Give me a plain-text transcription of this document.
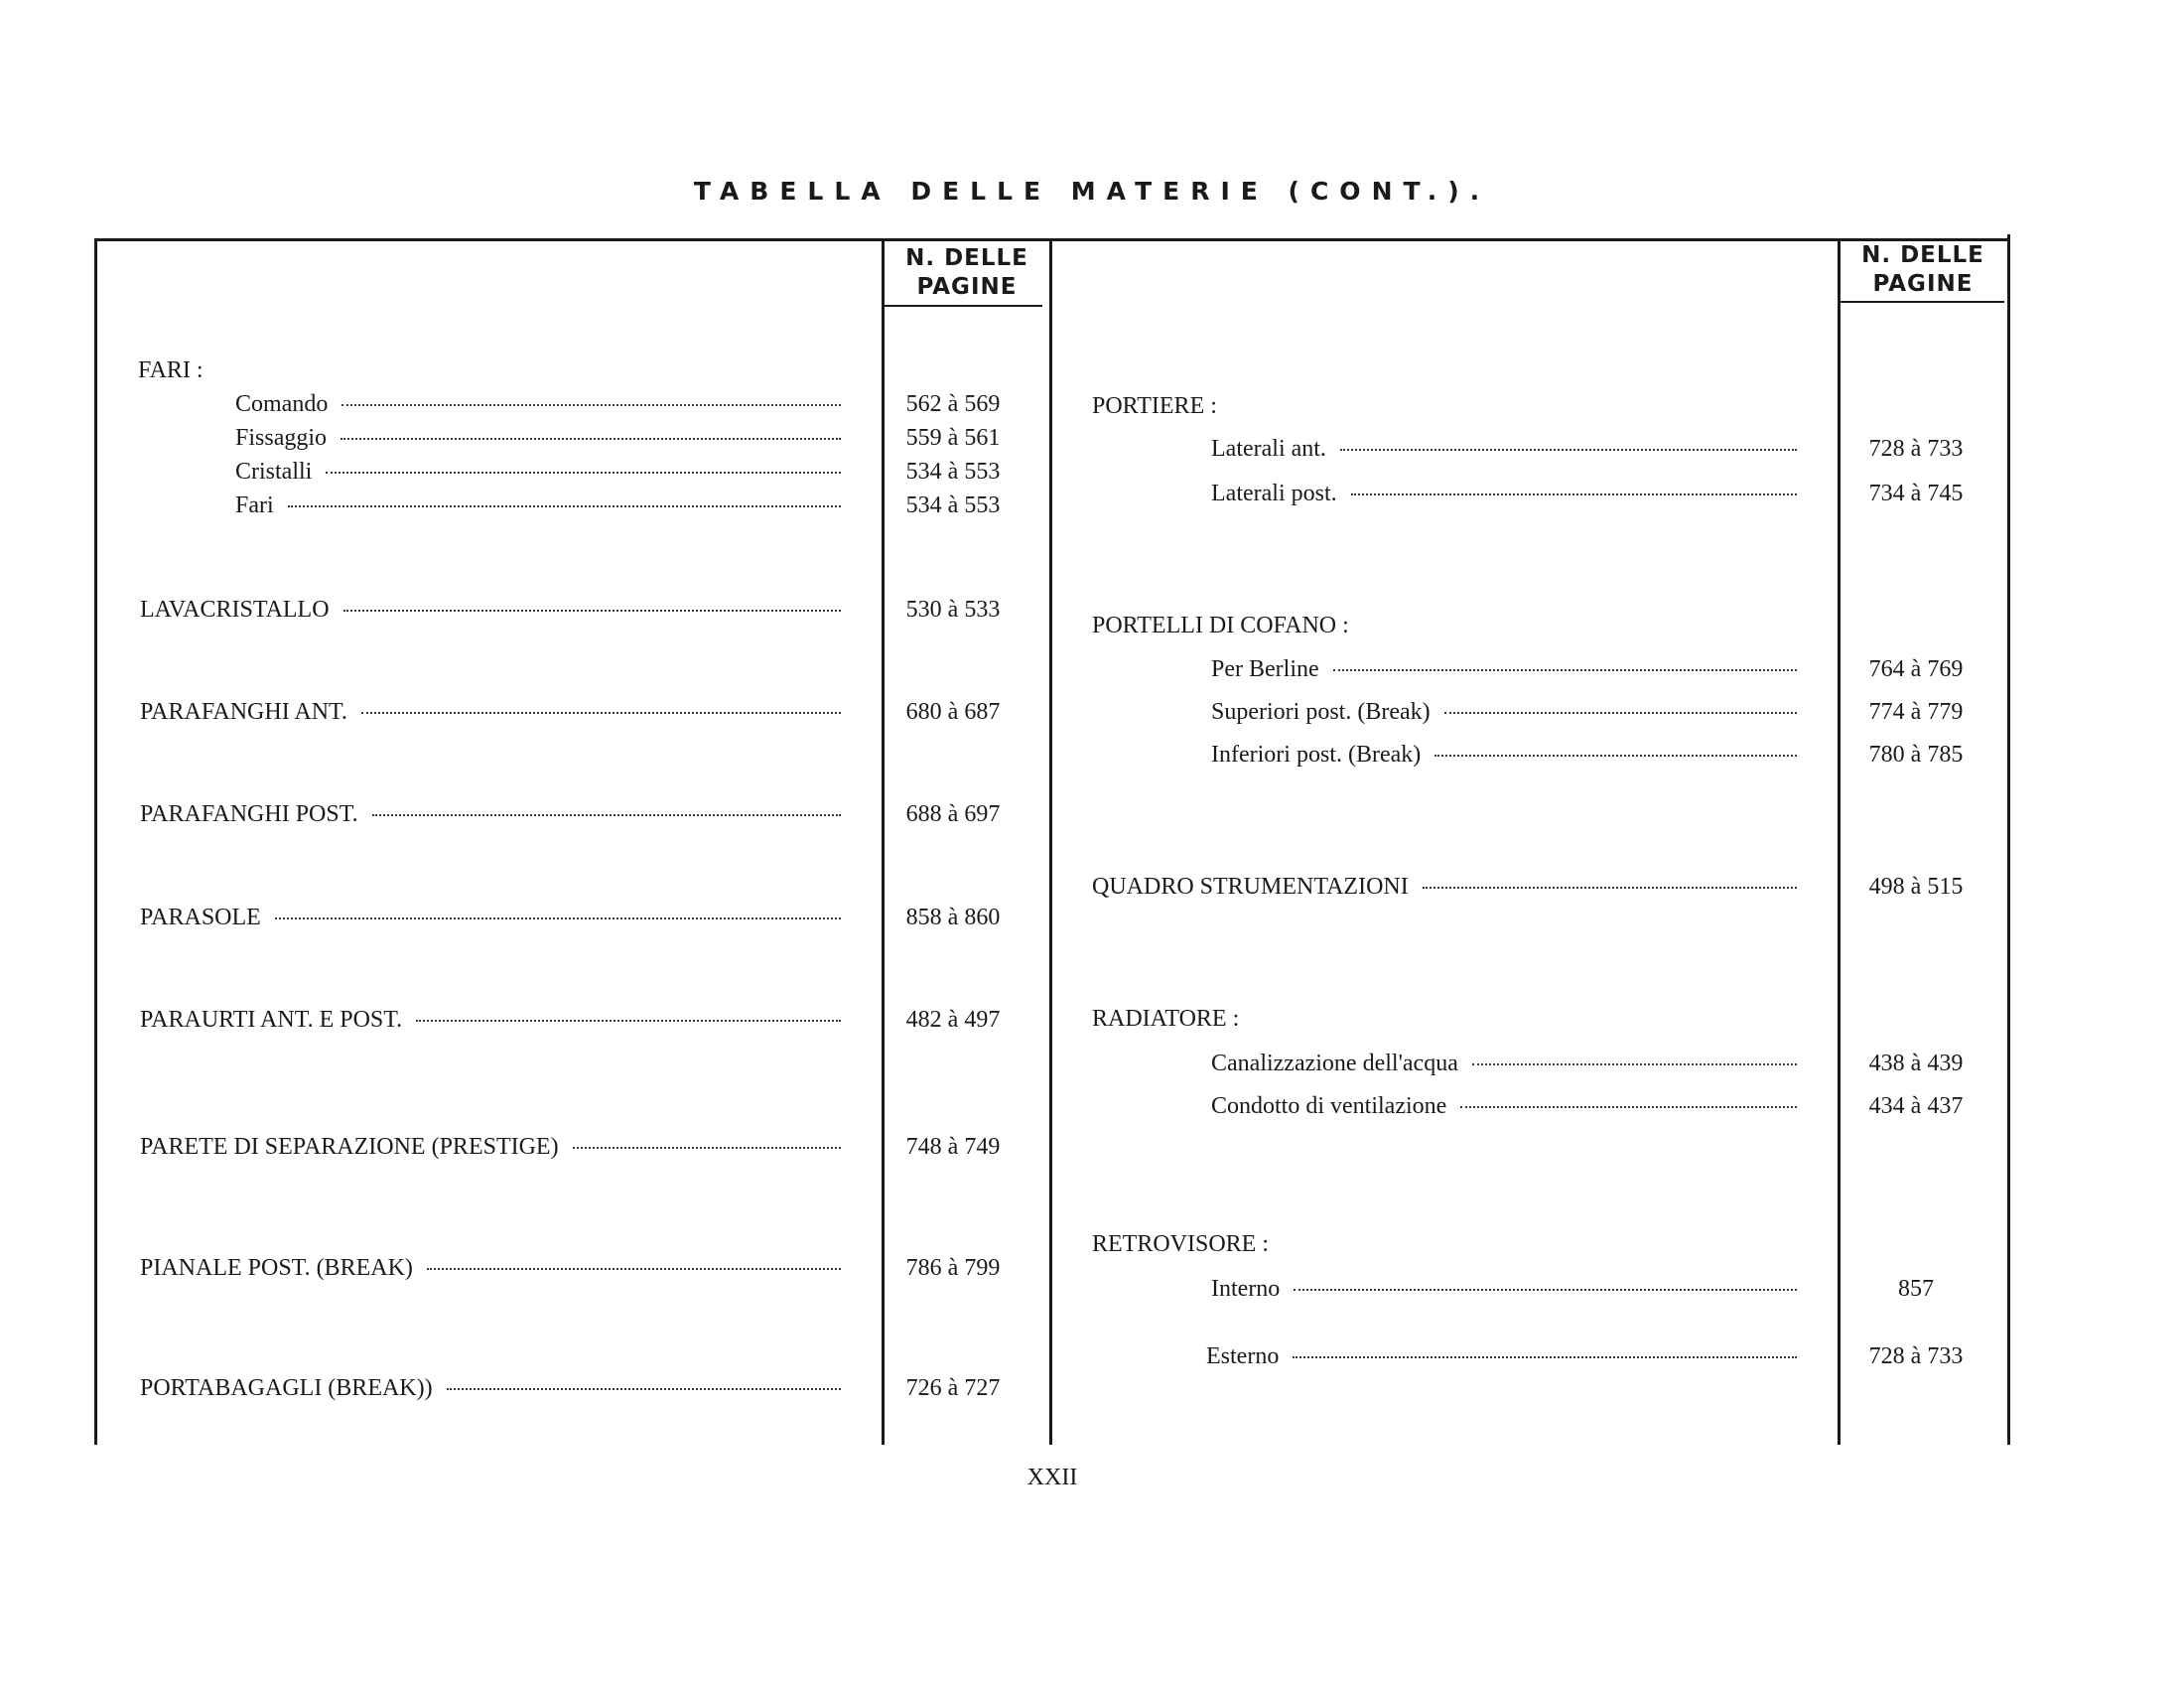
TABELLA DELLE MATERIE (CONT.).
N. DELLE
PAGINE
N. DELLE
PAGINE
FARI :
Comando	562 à 569
Fissaggio	559 à 561
Cristalli	534 à 553
Fari	534 à 553
LAVACRISTALLO	530 à 533
PARAFANGHI ANT.	680 à 687
PARAFANGHI POST.	688 à 697
PARASOLE	858 à 860
PARAURTI ANT. E POST.	482 à 497
PARETE DI SEPARAZIONE (PRESTIGE)	748 à 749
PIANALE POST. (BREAK)	786 à 799
PORTABAGAGLI (BREAK))	726 à 727
PORTIERE :
Laterali ant.	728 à 733
Laterali post.	734 à 745
PORTELLI DI COFANO :
Per Berline	764 à 769
Superiori post. (Break)	774 à 779
Inferiori post. (Break)	780 à 785
QUADRO STRUMENTAZIONI	498 à 515
RADIATORE :
Canalizzazione dell'acqua	438 à 439
Condotto di ventilazione	434 à 437
RETROVISORE :
Interno	857
Esterno	728 à 733
XXII
